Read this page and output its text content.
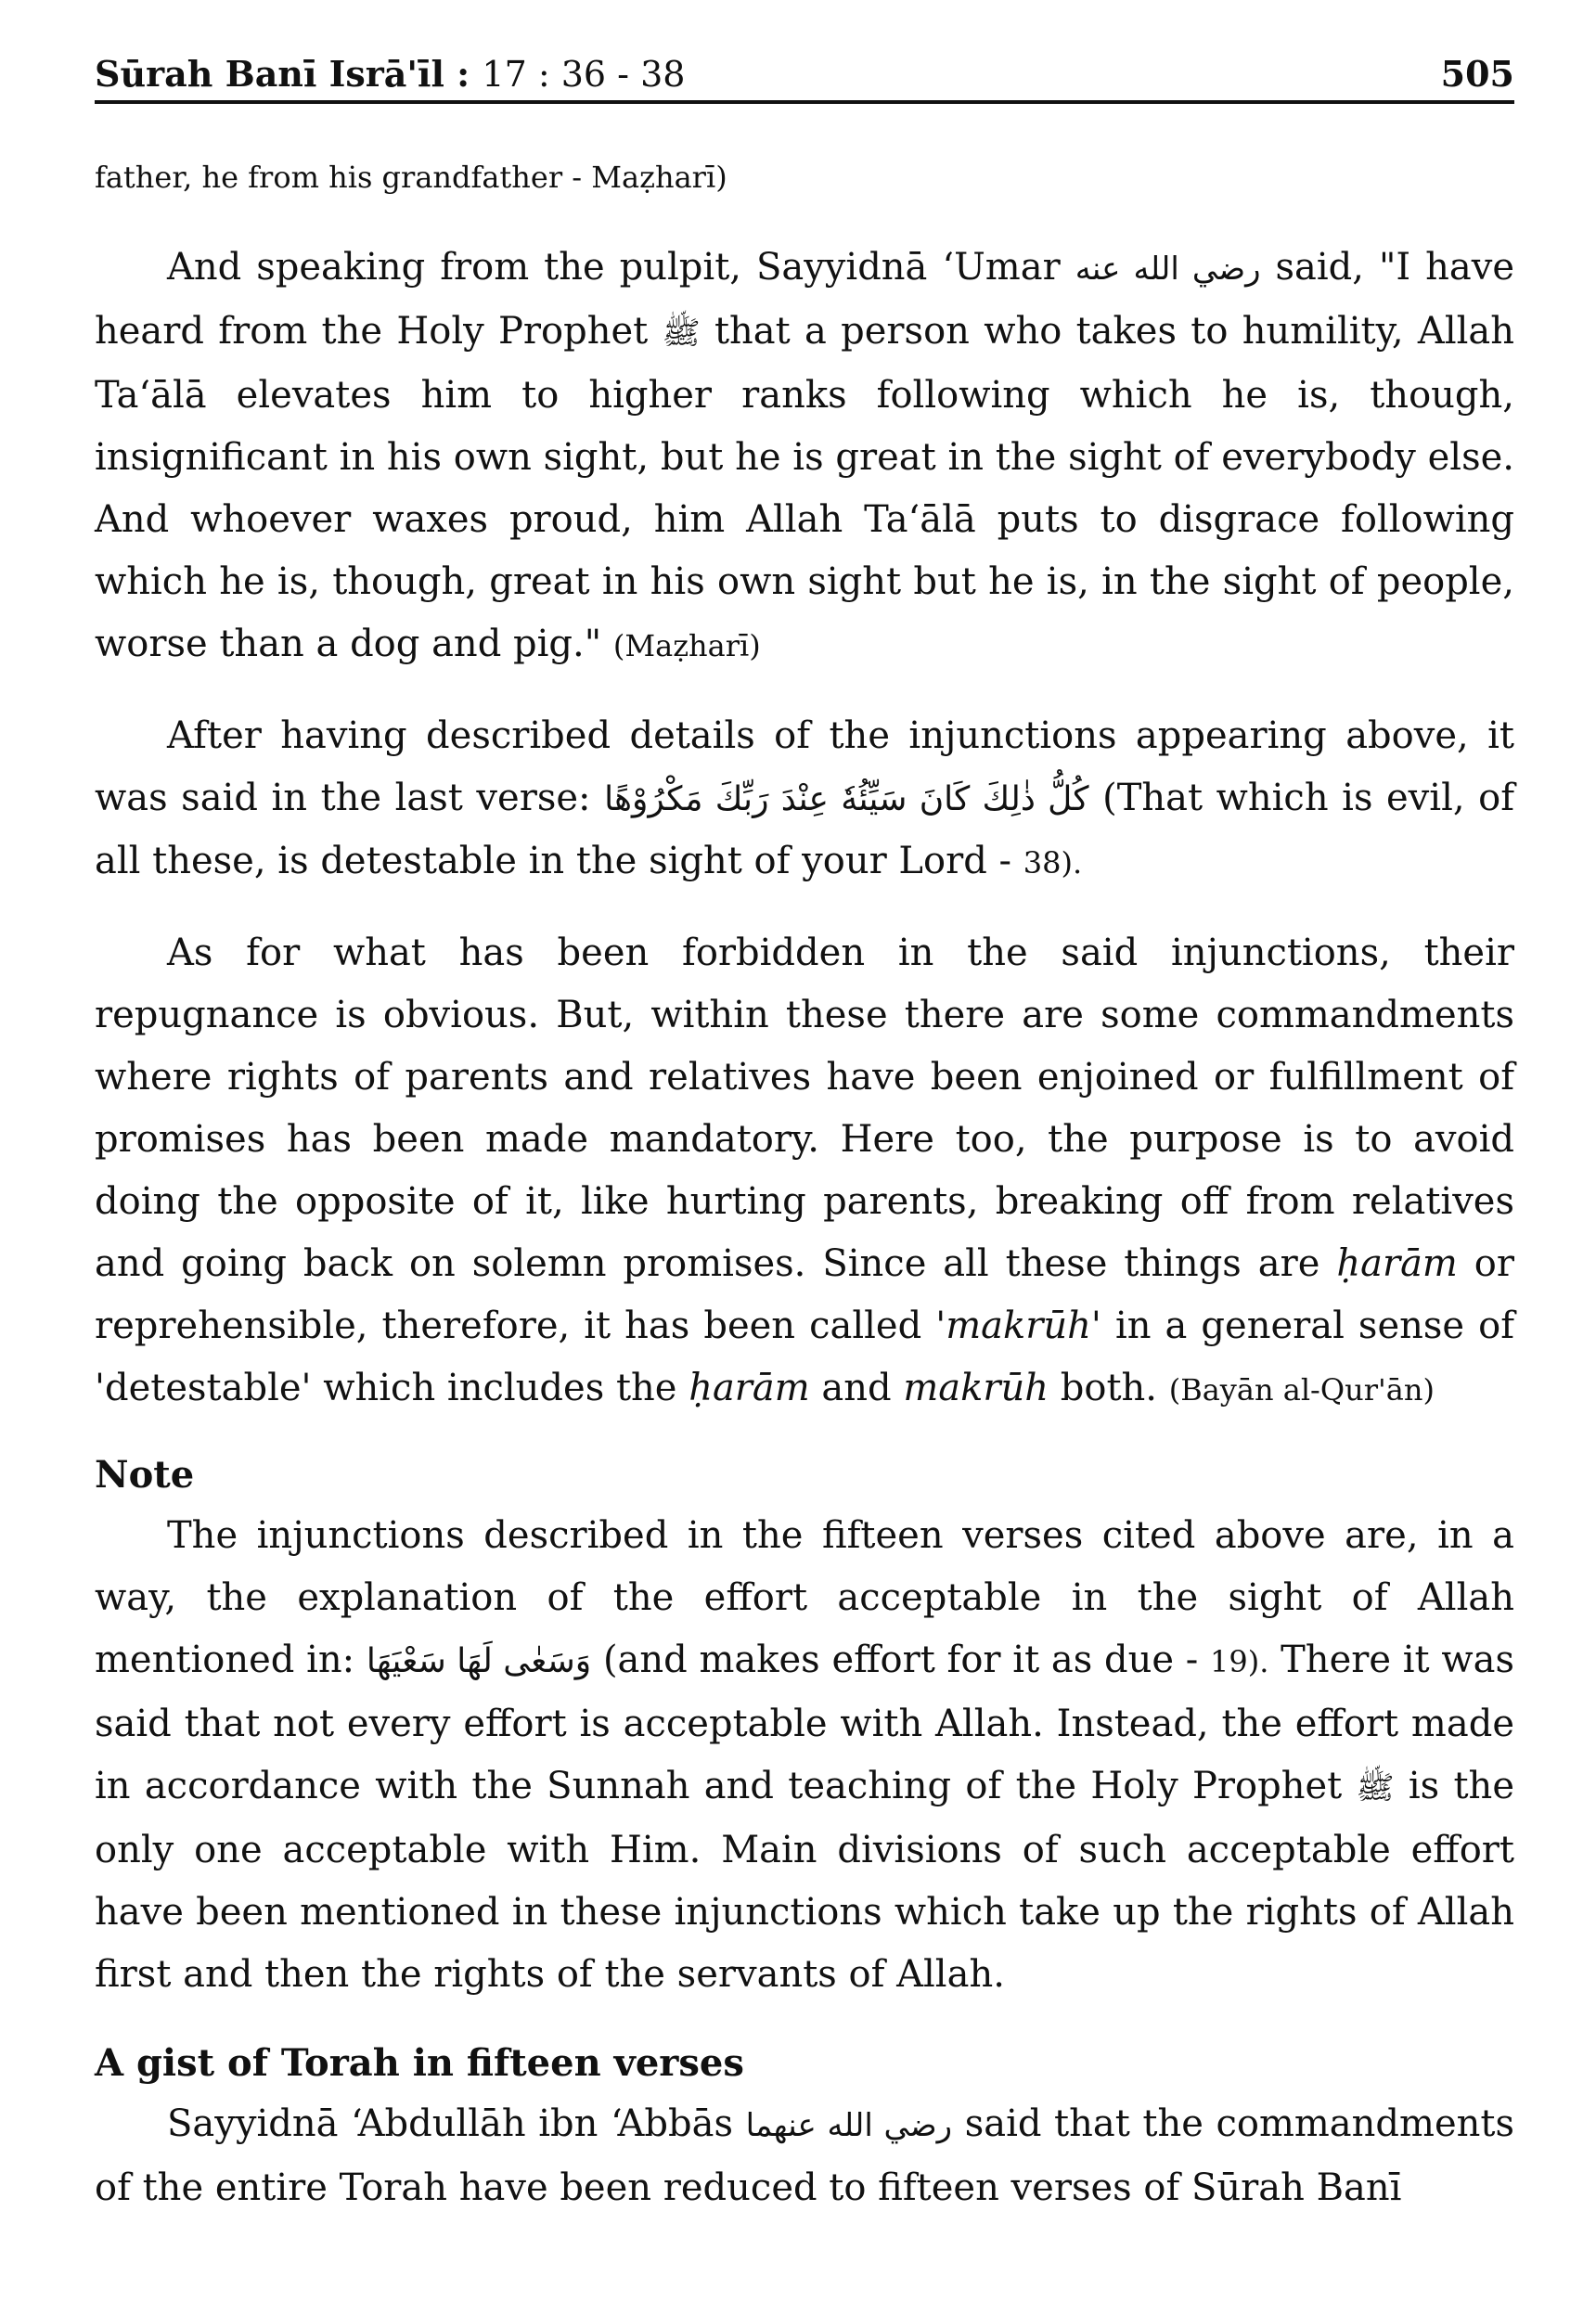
Sūrah Banī Isrā'īl : 17 : 36 - 38	505

father, he from his grandfather - Maẓharī)

And speaking from the pulpit, Sayyidnā ‘Umar رضي الله عنه said, "I have heard from the Holy Prophet ﷺ that a person who takes to humility, Allah Ta‘ālā elevates him to higher ranks following which he is, though, insignificant in his own sight, but he is great in the sight of everybody else. And whoever waxes proud, him Allah Ta‘ālā puts to disgrace following which he is, though, great in his own sight but he is, in the sight of people, worse than a dog and pig." (Maẓharī)

After having described details of the injunctions appearing above, it was said in the last verse: كُلُّ ذٰلِكَ كَانَ سَيِّئُهٗ عِنْدَ رَبِّكَ مَكْرُوْهًا (That which is evil, of all these, is detestable in the sight of your Lord - 38).

As for what has been forbidden in the said injunctions, their repugnance is obvious. But, within these there are some commandments where rights of parents and relatives have been enjoined or fulfillment of promises has been made mandatory. Here too, the purpose is to avoid doing the opposite of it, like hurting parents, breaking off from relatives and going back on solemn promises. Since all these things are ḥarām or reprehensible, therefore, it has been called 'makrūh' in a general sense of 'detestable' which includes the ḥarām and makrūh both. (Bayān al-Qur'ān)

Note

The injunctions described in the fifteen verses cited above are, in a way, the explanation of the effort acceptable in the sight of Allah mentioned in: وَسَعٰى لَهَا سَعْيَهَا (and makes effort for it as due - 19). There it was said that not every effort is acceptable with Allah. Instead, the effort made in accordance with the Sunnah and teaching of the Holy Prophet ﷺ is the only one acceptable with Him. Main divisions of such acceptable effort have been mentioned in these injunctions which take up the rights of Allah first and then the rights of the servants of Allah.

A gist of Torah in fifteen verses

Sayyidnā ‘Abdullāh ibn ‘Abbās رضي الله عنهما said that the commandments of the entire Torah have been reduced to fifteen verses of Sūrah Banī
